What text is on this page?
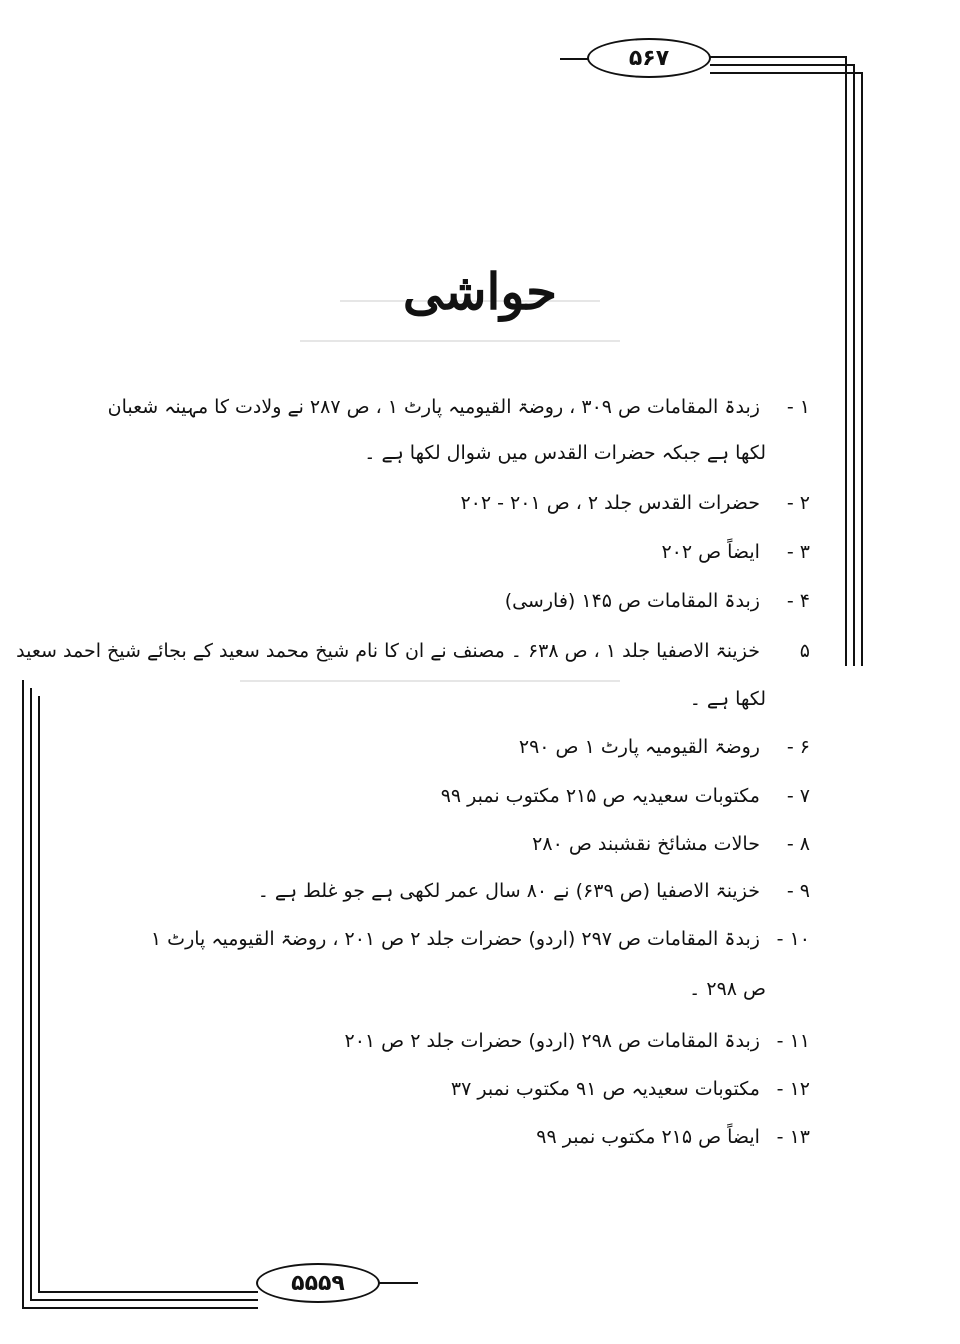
۵۶۷
۵۵۵۹
حواشی
۱ - زبدۃ المقامات ص ۳۰۹ ، روضۃ القیومیہ پارٹ ۱ ، ص ۲۸۷ نے ولادت کا مہینہ شعبان
لکھا ہے جبکہ حضرات القدس میں شوال لکھا ہے ۔
۲ - حضرات القدس جلد ۲ ، ص ۲۰۱ - ۲۰۲
۳ - ایضاً ص ۲۰۲
۴ - زبدۃ المقامات ص ۱۴۵ (فارسی)
۵ خزینۃ الاصفیا جلد ۱ ، ص ۶۳۸ ۔ مصنف نے ان کا نام شیخ محمد سعید کے بجائے شیخ احمد سعید
لکھا ہے ۔
۶ - روضۃ القیومیہ پارٹ ۱ ص ۲۹۰
۷ - مکتوبات سعیدیہ ص ۲۱۵ مکتوب نمبر ۹۹
۸ - حالات مشائخ نقشبند ص ۲۸۰
۹ - خزینۃ الاصفیا (ص ۶۳۹) نے ۸۰ سال عمر لکھی ہے جو غلط ہے ۔
۱۰ - زبدۃ المقامات ص ۲۹۷ (اردو) حضرات جلد ۲ ص ۲۰۱ ، روضۃ القیومیہ پارٹ ۱
ص ۲۹۸ ۔
۱۱ - زبدۃ المقامات ص ۲۹۸ (اردو) حضرات جلد ۲ ص ۲۰۱
۱۲ - مکتوبات سعیدیہ ص ۹۱ مکتوب نمبر ۳۷
۱۳ - ایضاً ص ۲۱۵ مکتوب نمبر ۹۹
